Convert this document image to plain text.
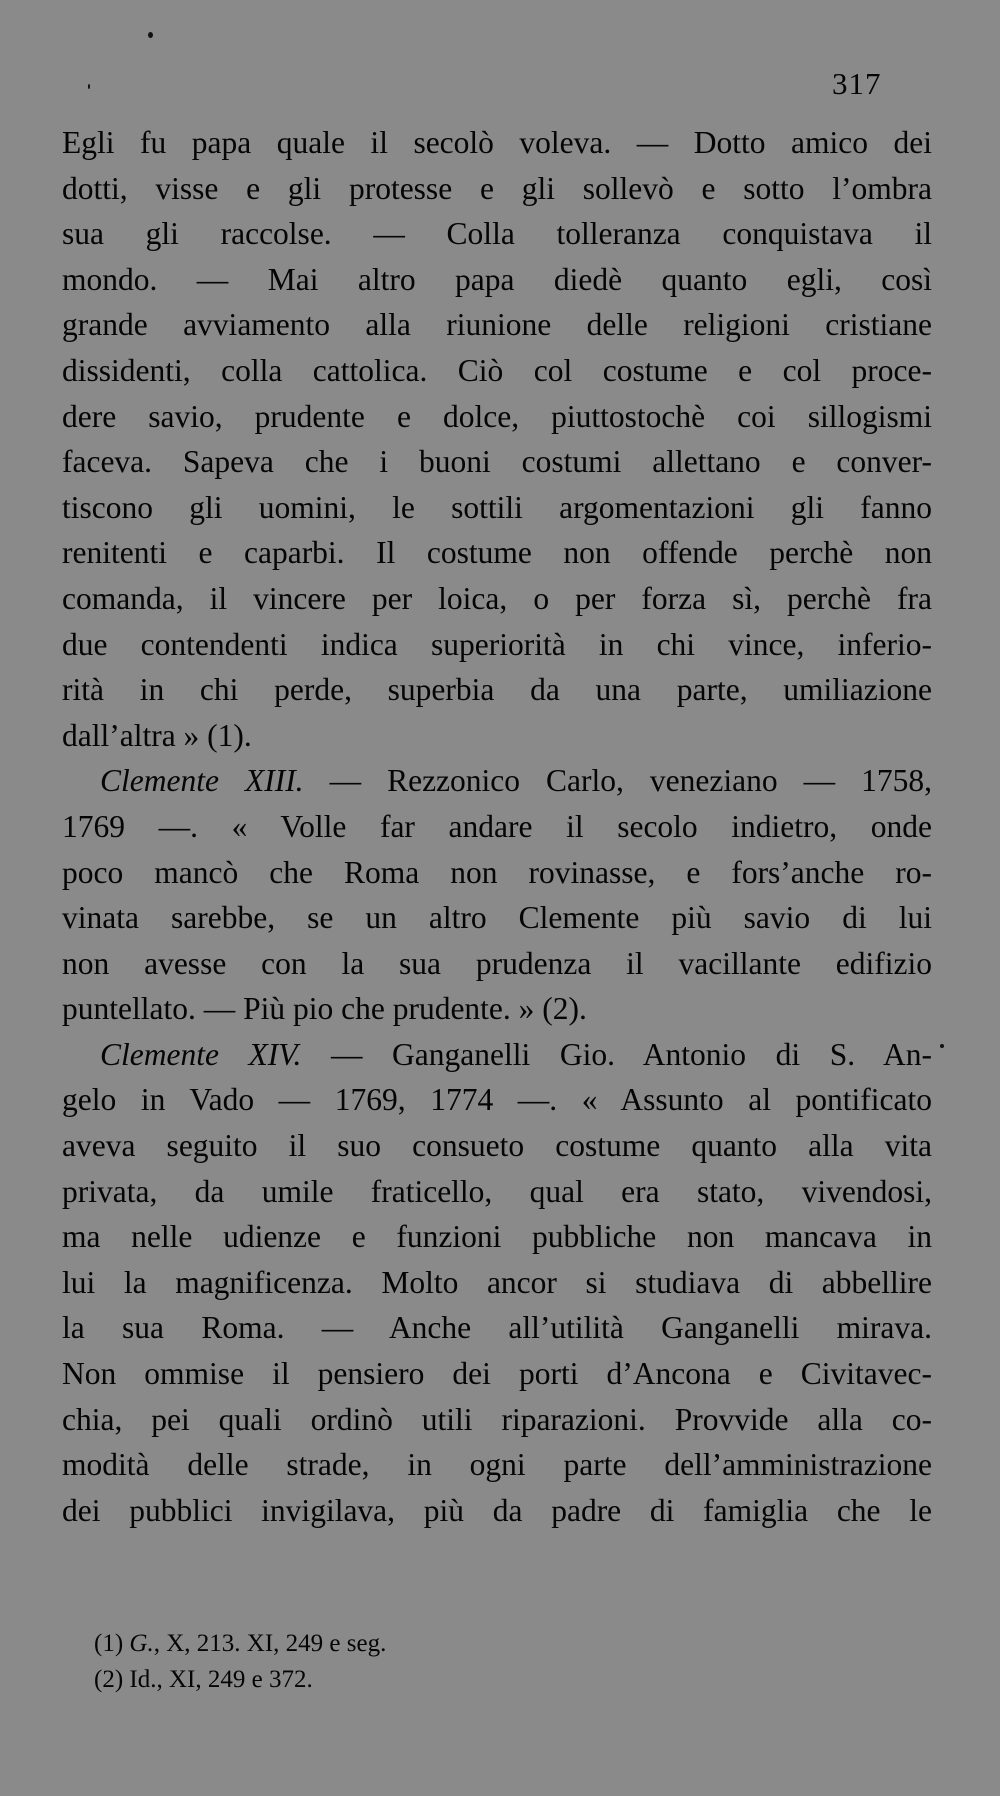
317
Egli fu papa quale il secolò voleva. — Dotto amico dei
dotti, visse e gli protesse e gli sollevò e sotto l’ombra
sua gli raccolse. — Colla tolleranza conquistava il
mondo. — Mai altro papa diedè quanto egli, così
grande avviamento alla riunione delle religioni cristiane
dissidenti, colla cattolica. Ciò col costume e col proce-
dere savio, prudente e dolce, piuttostochè coi sillogismi
faceva. Sapeva che i buoni costumi allettano e conver-
tiscono gli uomini, le sottili argomentazioni gli fanno
renitenti e caparbi. Il costume non offende perchè non
comanda, il vincere per loica, o per forza sì, perchè fra
due contendenti indica superiorità in chi vince, inferio-
rità in chi perde, superbia da una parte, umiliazione
dall’altra » (1).
Clemente XIII. — Rezzonico Carlo, veneziano — 1758,
1769 —. « Volle far andare il secolo indietro, onde
poco mancò che Roma non rovinasse, e forsʼanche ro-
vinata sarebbe, se un altro Clemente più savio di lui
non avesse con la sua prudenza il vacillante edifizio
puntellato. — Più pio che prudente. » (2).
Clemente XIV. — Ganganelli Gio. Antonio di S. An-
gelo in Vado — 1769, 1774 —. « Assunto al pontificato
aveva seguito il suo consueto costume quanto alla vita
privata, da umile fraticello, qual era stato, vivendosi,
ma nelle udienze e funzioni pubbliche non mancava in
lui la magnificenza. Molto ancor si studiava di abbellire
la sua Roma. — Anche all’utilità Ganganelli mirava.
Non ommise il pensiero dei porti d’Ancona e Civitavec-
chia, pei quali ordinò utili riparazioni. Provvide alla co-
modità delle strade, in ogni parte dell’amministrazione
dei pubblici invigilava, più da padre di famiglia che le
(1) G., X, 213. XI, 249 e seg.
(2) Id., XI, 249 e 372.
